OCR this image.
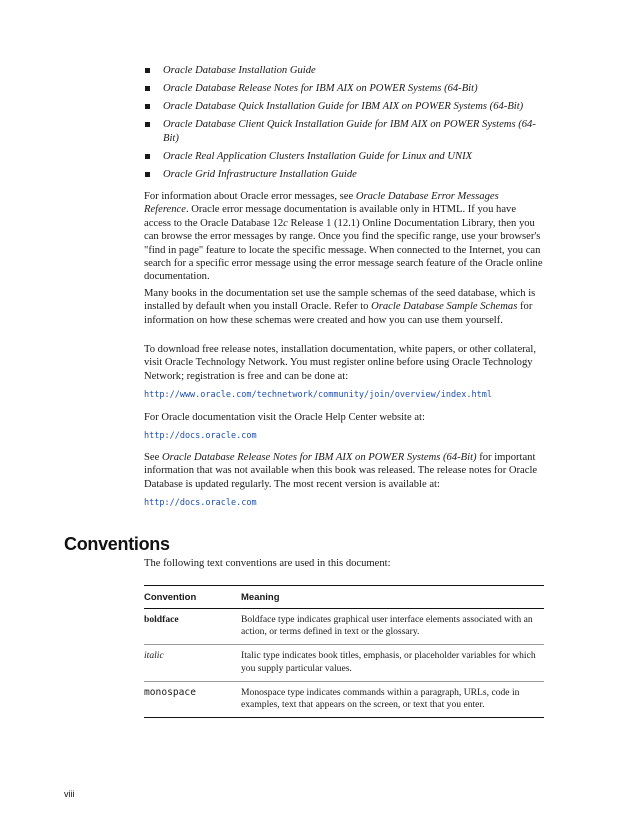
Oracle Database Installation Guide
Oracle Database Release Notes for IBM AIX on POWER Systems (64-Bit)
Oracle Database Quick Installation Guide for IBM AIX on POWER Systems (64-Bit)
Oracle Database Client Quick Installation Guide for IBM AIX on POWER Systems (64-Bit)
Oracle Real Application Clusters Installation Guide for Linux and UNIX
Oracle Grid Infrastructure Installation Guide

For information about Oracle error messages, see Oracle Database Error Messages Reference. Oracle error message documentation is available only in HTML. If you have access to the Oracle Database 12c Release 1 (12.1) Online Documentation Library, then you can browse the error messages by range. Once you find the specific range, use your browser's "find in page" feature to locate the specific message. When connected to the Internet, you can search for a specific error message using the error message search feature of the Oracle online documentation.

Many books in the documentation set use the sample schemas of the seed database, which is installed by default when you install Oracle. Refer to Oracle Database Sample Schemas for information on how these schemas were created and how you can use them yourself.

To download free release notes, installation documentation, white papers, or other collateral, visit Oracle Technology Network. You must register online before using Oracle Technology Network; registration is free and can be done at:

http://www.oracle.com/technetwork/community/join/overview/index.html

For Oracle documentation visit the Oracle Help Center website at:

http://docs.oracle.com

See Oracle Database Release Notes for IBM AIX on POWER Systems (64-Bit) for important information that was not available when this book was released. The release notes for Oracle Database is updated regularly. The most recent version is available at:

http://docs.oracle.com
Conventions

The following text conventions are used in this document:

Convention	Meaning
boldface	Boldface type indicates graphical user interface elements associated with an action, or terms defined in text or the glossary.
italic	Italic type indicates book titles, emphasis, or placeholder variables for which you supply particular values.
monospace	Monospace type indicates commands within a paragraph, URLs, code in examples, text that appears on the screen, or text that you enter.
viii
